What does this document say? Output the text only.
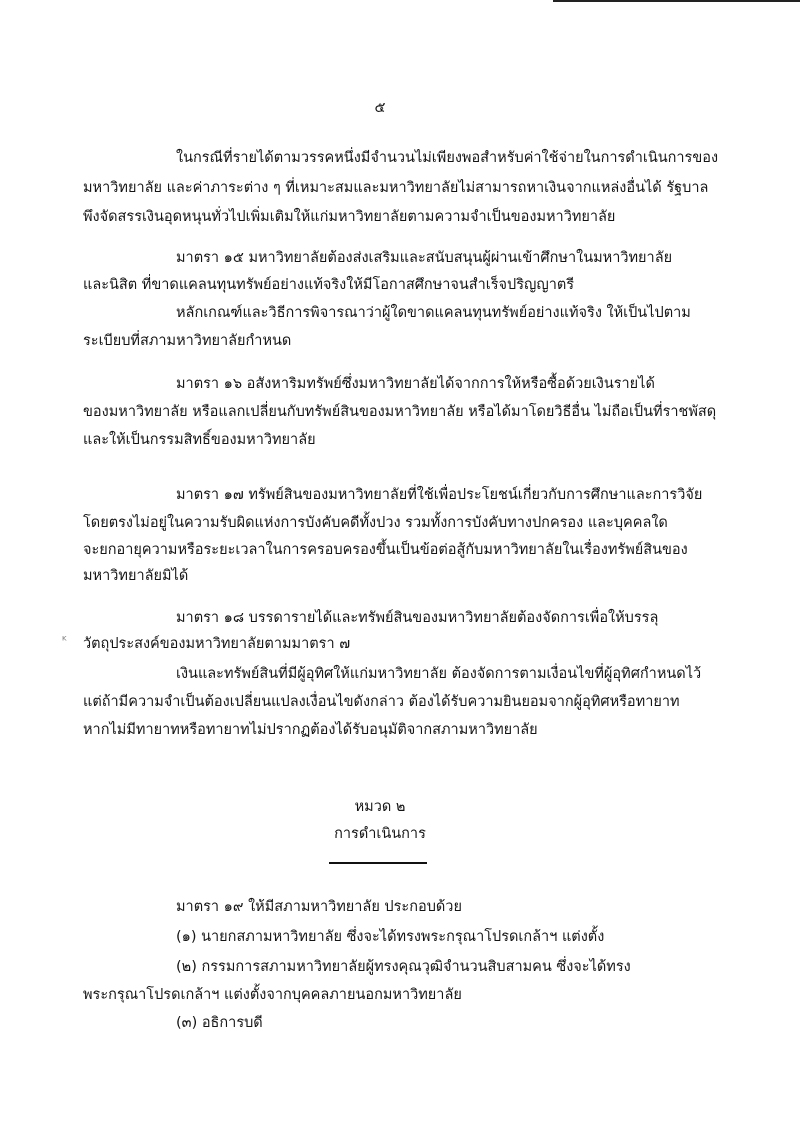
๕
ในกรณีที่รายได้ตามวรรคหนึ่งมีจำนวนไม่เพียงพอสำหรับค่าใช้จ่ายในการดำเนินการของ
มหาวิทยาลัย และค่าภาระต่าง ๆ ที่เหมาะสมและมหาวิทยาลัยไม่สามารถหาเงินจากแหล่งอื่นได้ รัฐบาล
พึงจัดสรรเงินอุดหนุนทั่วไปเพิ่มเติมให้แก่มหาวิทยาลัยตามความจำเป็นของมหาวิทยาลัย
มาตรา ๑๕ มหาวิทยาลัยต้องส่งเสริมและสนับสนุนผู้ผ่านเข้าศึกษาในมหาวิทยาลัย
และนิสิต ที่ขาดแคลนทุนทรัพย์อย่างแท้จริงให้มีโอกาสศึกษาจนสำเร็จปริญญาตรี
หลักเกณฑ์และวิธีการพิจารณาว่าผู้ใดขาดแคลนทุนทรัพย์อย่างแท้จริง ให้เป็นไปตาม
ระเบียบที่สภามหาวิทยาลัยกำหนด
มาตรา ๑๖ อสังหาริมทรัพย์ซึ่งมหาวิทยาลัยได้จากการให้หรือซื้อด้วยเงินรายได้
ของมหาวิทยาลัย หรือแลกเปลี่ยนกับทรัพย์สินของมหาวิทยาลัย หรือได้มาโดยวิธีอื่น ไม่ถือเป็นที่ราชพัสดุ
และให้เป็นกรรมสิทธิ์ของมหาวิทยาลัย
มาตรา ๑๗ ทรัพย์สินของมหาวิทยาลัยที่ใช้เพื่อประโยชน์เกี่ยวกับการศึกษาและการวิจัย
โดยตรงไม่อยู่ในความรับผิดแห่งการบังคับคดีทั้งปวง รวมทั้งการบังคับทางปกครอง และบุคคลใด
จะยกอายุความหรือระยะเวลาในการครอบครองขึ้นเป็นข้อต่อสู้กับมหาวิทยาลัยในเรื่องทรัพย์สินของ
มหาวิทยาลัยมิได้
มาตรา ๑๘ บรรดารายได้และทรัพย์สินของมหาวิทยาลัยต้องจัดการเพื่อให้บรรลุ
ᴷ วัตถุประสงค์ของมหาวิทยาลัยตามมาตรา ๗
เงินและทรัพย์สินที่มีผู้อุทิศให้แก่มหาวิทยาลัย ต้องจัดการตามเงื่อนไขที่ผู้อุทิศกำหนดไว้
แต่ถ้ามีความจำเป็นต้องเปลี่ยนแปลงเงื่อนไขดังกล่าว ต้องได้รับความยินยอมจากผู้อุทิศหรือทายาท
หากไม่มีทายาทหรือทายาทไม่ปรากฏต้องได้รับอนุมัติจากสภามหาวิทยาลัย
หมวด ๒
การดำเนินการ
มาตรา ๑๙ ให้มีสภามหาวิทยาลัย ประกอบด้วย
(๑) นายกสภามหาวิทยาลัย ซึ่งจะได้ทรงพระกรุณาโปรดเกล้าฯ แต่งตั้ง
(๒) กรรมการสภามหาวิทยาลัยผู้ทรงคุณวุฒิจำนวนสิบสามคน ซึ่งจะได้ทรง
พระกรุณาโปรดเกล้าฯ แต่งตั้งจากบุคคลภายนอกมหาวิทยาลัย
(๓) อธิการบดี
